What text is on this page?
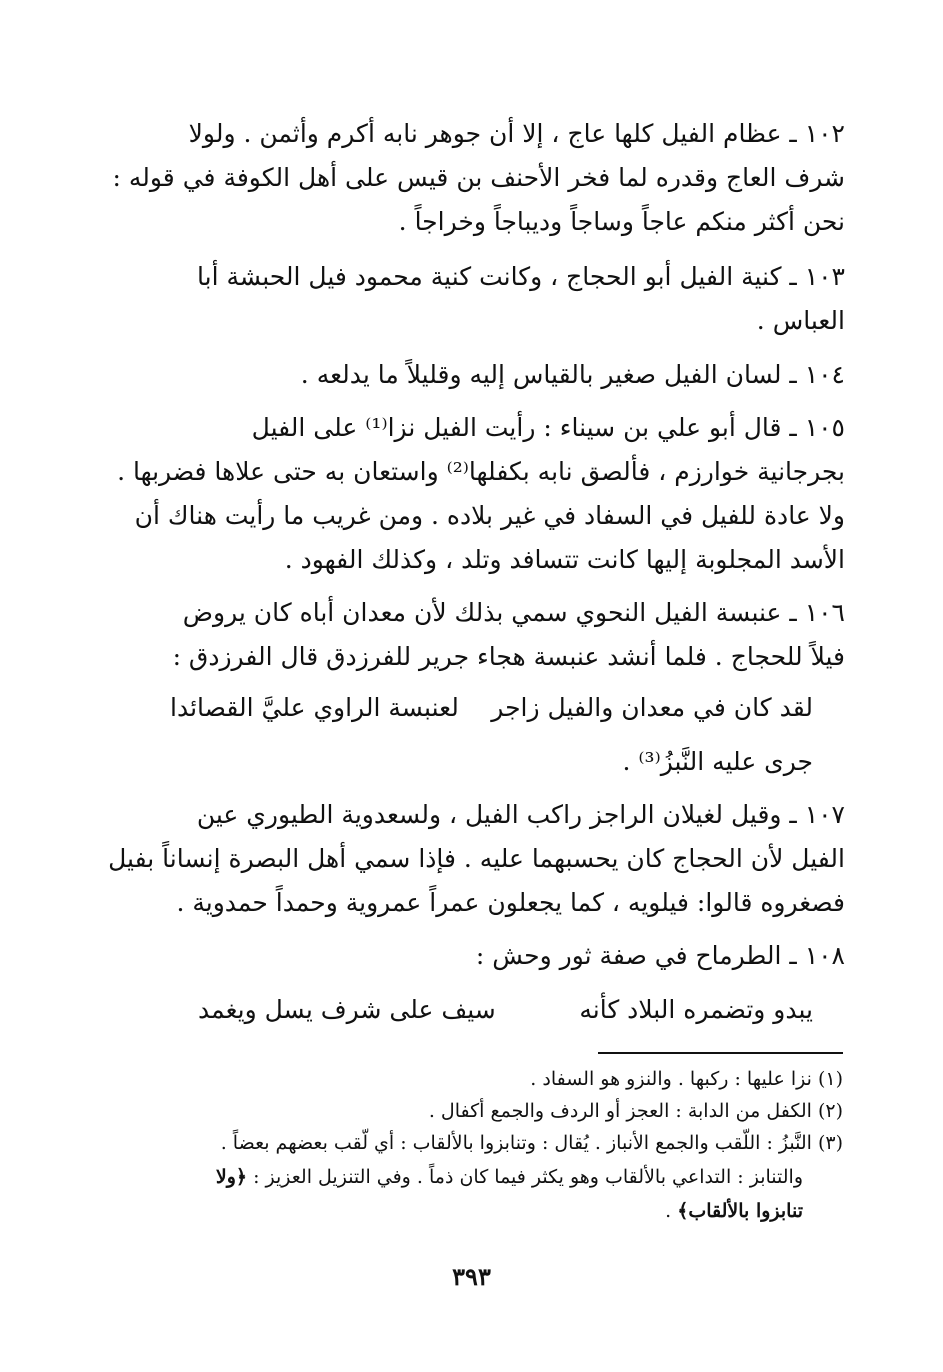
١٠٢ ـ عظام الفيل كلها عاج ، إلا أن جوهر نابه أكرم وأثمن . ولولا
شرف العاج وقدره لما فخر الأحنف بن قيس على أهل الكوفة في قوله :
نحن أكثر منكم عاجاً وساجاً وديباجاً وخراجاً .
١٠٣ ـ كنية الفيل أبو الحجاج ، وكانت كنية محمود فيل الحبشة أبا
العباس .
١٠٤ ـ لسان الفيل صغير بالقياس إليه وقليلاً ما يدلعه .
١٠٥ ـ قال أبو علي بن سيناء : رأيت الفيل نزا⁽¹⁾ على الفيل
بجرجانية خوارزم ، فألصق نابه بكفلها⁽²⁾ واستعان به حتى علاها فضربها .
ولا عادة للفيل في السفاد في غير بلاده . ومن غريب ما رأيت هناك أن
الأسد المجلوبة إليها كانت تتسافد وتلد ، وكذلك الفهود .
١٠٦ ـ عنبسة الفيل النحوي سمي بذلك لأن معدان أباه كان يروض
فيلاً للحجاج . فلما أنشد عنبسة هجاء جرير للفرزدق قال الفرزدق :
لقد كان في معدان والفيل زاجر
لعنبسة الراوي عليَّ القصائدا
جرى عليه النَّبزُ⁽³⁾ .
١٠٧ ـ وقيل لغيلان الراجز راكب الفيل ، ولسعدوية الطيوري عين
الفيل لأن الحجاج كان يحسبهما عليه . فإذا سمي أهل البصرة إنساناً بفيل
فصغروه قالوا: فيلويه ، كما يجعلون عمراً عمروية وحمداً حمدوية .
١٠٨ ـ الطرماح في صفة ثور وحش :
يبدو وتضمره البلاد كأنه
سيف على شرف يسل ويغمد
(١) نزا عليها : ركبها . والنزو هو السفاد .
(٢) الكفل من الدابة : العجز أو الردف والجمع أكفال .
(٣) النَّبزُ : اللّقب والجمع الأنباز . يُقال : وتنابزوا بالألقاب : أي لّقب بعضهم بعضاً .
والتنابز : التداعي بالألقاب وهو يكثر فيما كان ذماً . وفي التنزيل العزيز : ﴿ولا
تنابزوا بالألقاب﴾ .
٣٩٣
